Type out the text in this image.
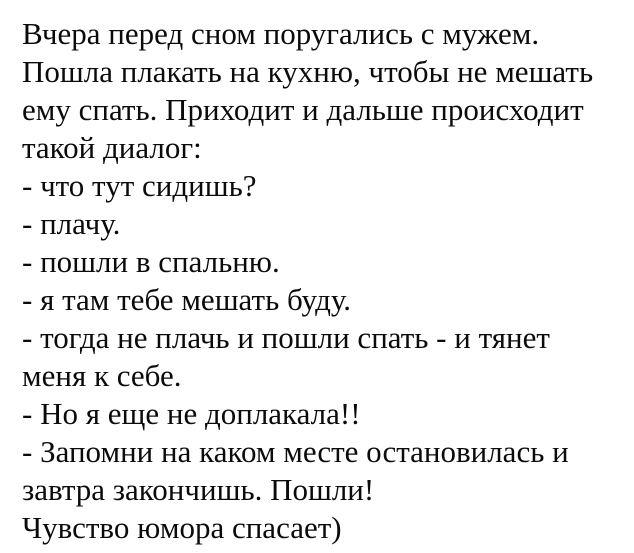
Вчера перед сном поругались с мужем.
Пошла плакать на кухню, чтобы не мешать
ему спать. Приходит и дальше происходит
такой диалог:
- что тут сидишь?
- плачу.
- пошли в спальню.
- я там тебе мешать буду.
- тогда не плачь и пошли спать - и тянет
меня к себе.
- Но я еще не доплакала!!
- Запомни на каком месте остановилась и
завтра закончишь. Пошли!
Чувство юмора спасает)
